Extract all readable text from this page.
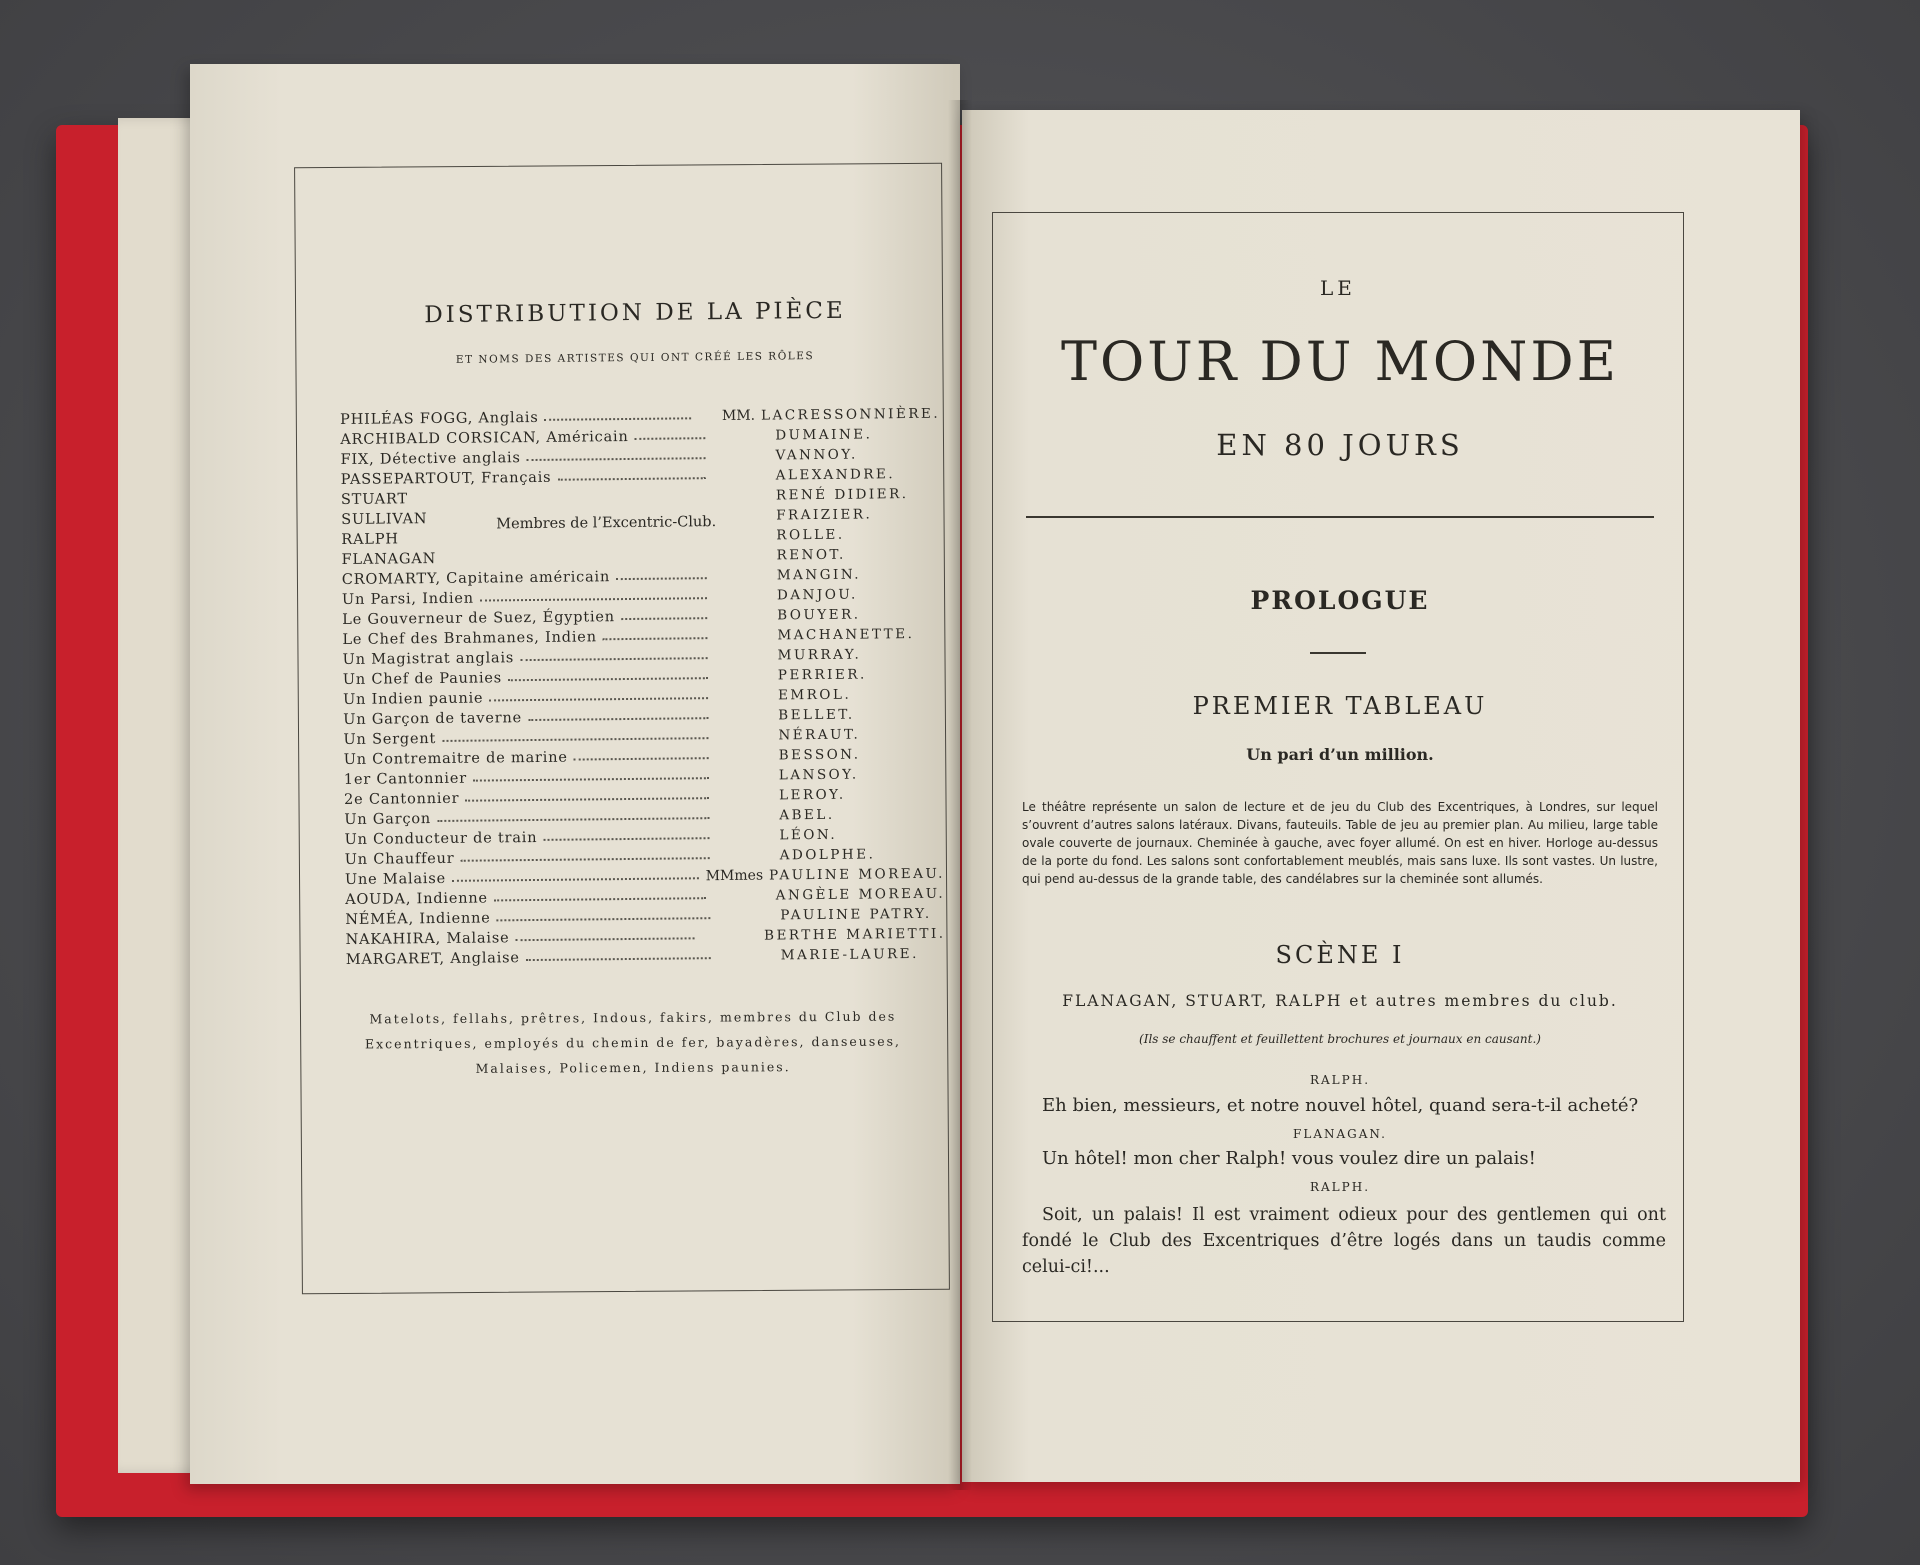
DISTRIBUTION DE LA PIÈCE
ET NOMS DES ARTISTES QUI ONT CRÉÉ LES RÔLES
PHILÉAS FOGG, Anglais	MM. LACRESSONNIÈRE.
ARCHIBALD CORSICAN, Américain	DUMAINE.
FIX, Détective anglais	VANNOY.
PASSEPARTOUT, Français	ALEXANDRE.
STUART	RENÉ DIDIER.
SULLIVAN	FRAIZIER.
RALPH	ROLLE.
FLANAGAN	RENOT.
Membres de l’Excentric-Club.
CROMARTY, Capitaine américain	MANGIN.
Un Parsi, Indien	DANJOU.
Le Gouverneur de Suez, Égyptien	BOUYER.
Le Chef des Brahmanes, Indien	MACHANETTE.
Un Magistrat anglais	MURRAY.
Un Chef de Paunies	PERRIER.
Un Indien paunie	EMROL.
Un Garçon de taverne	BELLET.
Un Sergent	NÉRAUT.
Un Contremaitre de marine	BESSON.
1er Cantonnier	LANSOY.
2e Cantonnier	LEROY.
Un Garçon	ABEL.
Un Conducteur de train	LÉON.
Un Chauffeur	ADOLPHE.
Une Malaise	MMmes PAULINE MOREAU.
AOUDA, Indienne	ANGÈLE MOREAU.
NÉMÉA, Indienne	PAULINE PATRY.
NAKAHIRA, Malaise	BERTHE MARIETTI.
MARGARET, Anglaise	MARIE-LAURE.
Matelots, fellahs, prêtres, Indous, fakirs, membres du Club des Excentriques, employés du chemin de fer, bayadères, danseuses, Malaises, Policemen, Indiens paunies.
LE
TOUR DU MONDE
EN 80 JOURS
PROLOGUE
PREMIER TABLEAU
Un pari d’un million.
Le théâtre représente un salon de lecture et de jeu du Club des Excentriques, à Londres, sur lequel s’ouvrent d’autres salons latéraux. Divans, fauteuils. Table de jeu au premier plan. Au milieu, large table ovale couverte de journaux. Cheminée à gauche, avec foyer allumé. On est en hiver. Horloge au-dessus de la porte du fond. Les salons sont confortablement meublés, mais sans luxe. Ils sont vastes. Un lustre, qui pend au-dessus de la grande table, des candélabres sur la cheminée sont allumés.
SCÈNE I
FLANAGAN, STUART, RALPH et autres membres du club.
(Ils se chauffent et feuillettent brochures et journaux en causant.)
RALPH.
Eh bien, messieurs, et notre nouvel hôtel, quand sera-t-il acheté?
FLANAGAN.
Un hôtel! mon cher Ralph! vous voulez dire un palais!
RALPH.
Soit, un palais! Il est vraiment odieux pour des gentlemen qui ont fondé le Club des Excentriques d’être logés dans un taudis comme celui-ci!...
